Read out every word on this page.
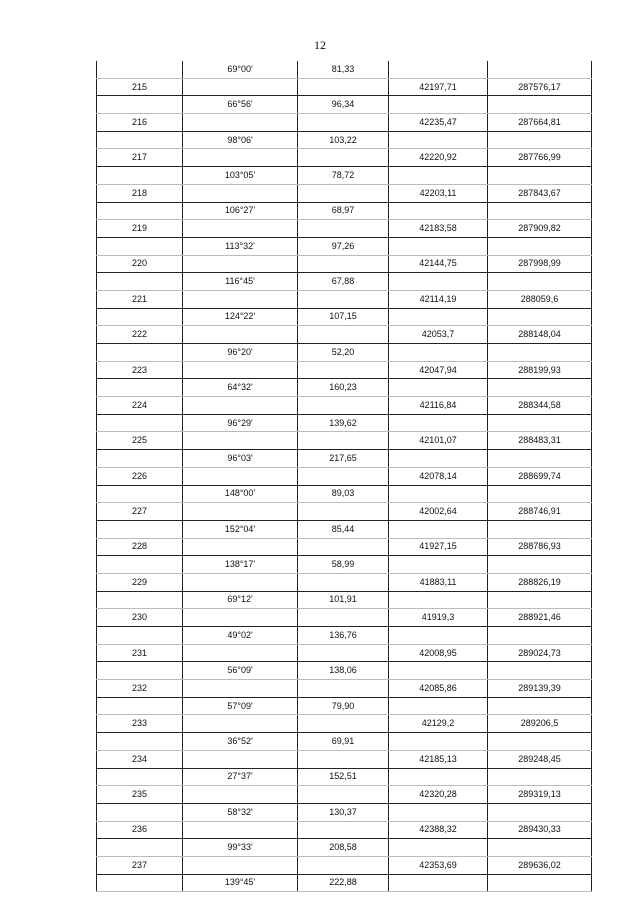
12
	69°00'	81,33		
215			42197,71	287576,17
	66°56'	96,34		
216			42235,47	287664,81
	98°06'	103,22		
217			42220,92	287766,99
	103°05'	78,72		
218			42203,11	287843,67
	106°27'	68,97		
219			42183,58	287909,82
	113°32'	97,26		
220			42144,75	287998,99
	116°45'	67,88		
221			42114,19	288059,6
	124°22'	107,15		
222			42053,7	288148,04
	96°20'	52,20		
223			42047,94	288199,93
	64°32'	160,23		
224			42116,84	288344,58
	96°29'	139,62		
225			42101,07	288483,31
	96°03'	217,65		
226			42078,14	288699,74
	148°00'	89,03		
227			42002,64	288746,91
	152°04'	85,44		
228			41927,15	288786,93
	138°17'	58,99		
229			41883,11	288826,19
	69°12'	101,91		
230			41919,3	288921,46
	49°02'	136,76		
231			42008,95	289024,73
	56°09'	138,06		
232			42085,86	289139,39
	57°09'	79,90		
233			42129,2	289206,5
	36°52'	69,91		
234			42185,13	289248,45
	27°37'	152,51		
235			42320,28	289319,13
	58°32'	130,37		
236			42388,32	289430,33
	99°33'	208,58		
237			42353,69	289636,02
	139°45'	222,88		
